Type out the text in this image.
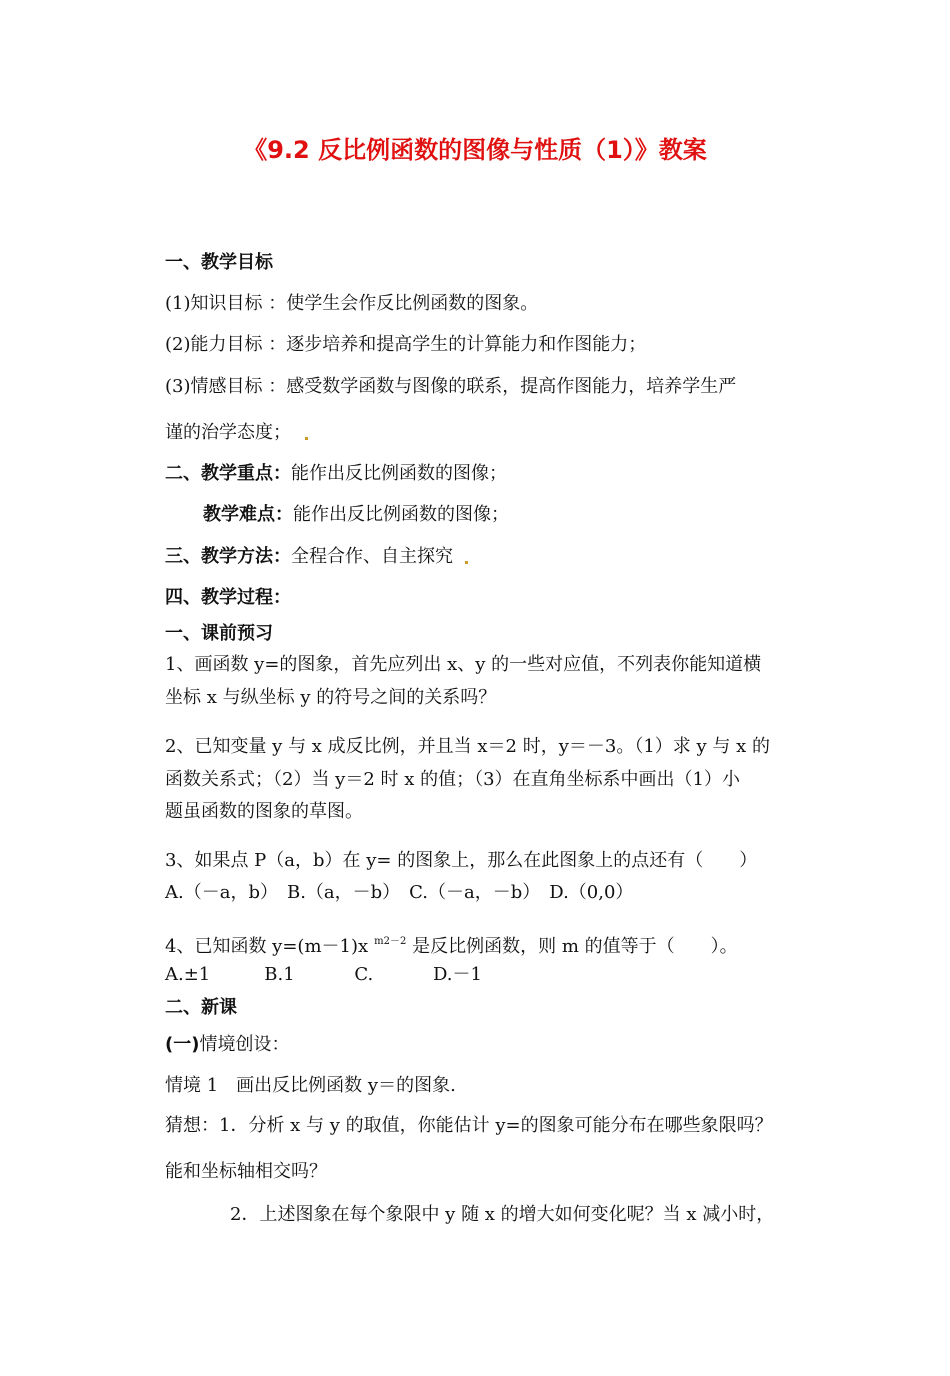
《9.2 反比例函数的图像与性质（1）》教案
一、教学目标
(1)知识目标 ：使学生会作反比例函数的图象。
(2)能力目标 ：逐步培养和提高学生的计算能力和作图能力；
(3)情感目标 ：感受数学函数与图像的联系，提高作图能力，培养学生严
谨的治学态度；
二、教学重点：能作出反比例函数的图像；
教学难点：能作出反比例函数的图像；
三、教学方法：全程合作、自主探究
四、教学过程：
一、课前预习
1、画函数 y=的图象，首先应列出 x、y 的一些对应值，不列表你能知道横
坐标 x 与纵坐标 y 的符号之间的关系吗？
2、已知变量 y 与 x 成反比例，并且当 x＝2 时，y＝－3。（1）求 y 与 x 的
函数关系式；（2）当 y＝2 时 x 的值；（3）在直角坐标系中画出（1）小
题虽函数的图象的草图。
3、如果点 P（a，b）在 y= 的图象上，那么在此图象上的点还有（　　）
A.（－a，b）　B.（a，－b）　C.（－a，－b）　D.（0,0）
4、已知函数 y=(m－1)x $^{m2-2}$ 是反比例函数，则 m 的值等于（　　）。
A.±1　　　B.1　　　 C.　　　 D.－1
二、新课
(一)情境创设：
情境 1　画出反比例函数 y＝的图象.
猜想：1．分析 x 与 y 的取值，你能估计 y=的图象可能分布在哪些象限吗？
能和坐标轴相交吗？
2．上述图象在每个象限中 y 随 x 的增大如何变化呢？当 x 减小时，
